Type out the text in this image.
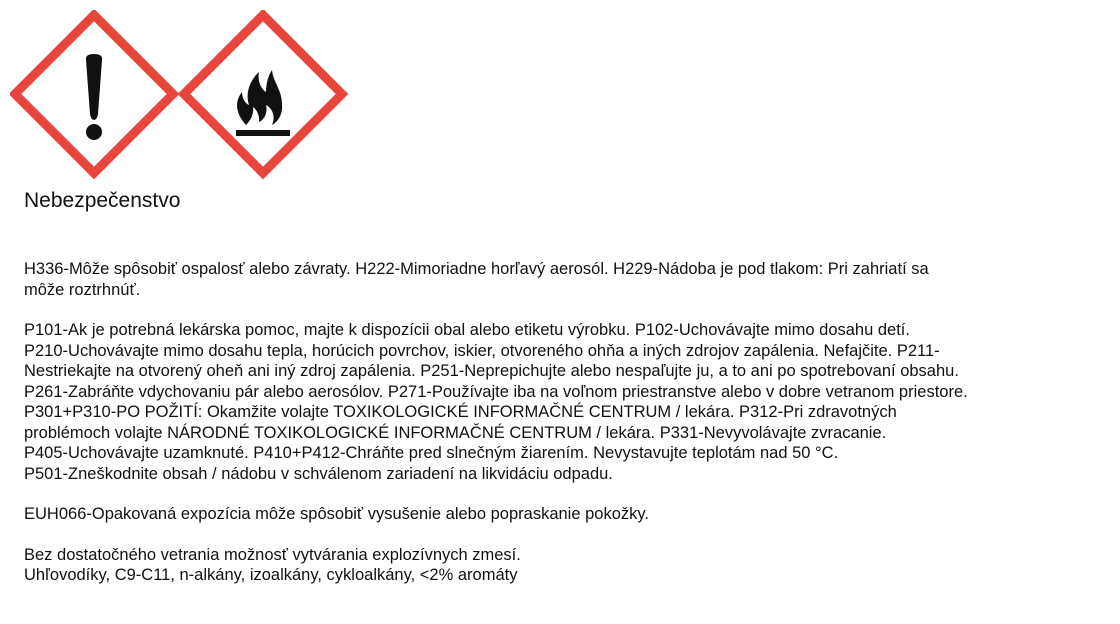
Nebezpečenstvo

H336-Môže spôsobiť ospalosť alebo závraty. H222-Mimoriadne horľavý aerosól. H229-Nádoba je pod tlakom: Pri zahriatí sa

môže roztrhnúť.

P101-Ak je potrebná lekárska pomoc, majte k dispozícii obal alebo etiketu výrobku. P102-Uchovávajte mimo dosahu detí.

P210-Uchovávajte mimo dosahu tepla, horúcich povrchov, iskier, otvoreného ohňa a iných zdrojov zapálenia. Nefajčite. P211-

Nestriekajte na otvorený oheň ani iný zdroj zapálenia. P251-Neprepichujte alebo nespaľujte ju, a to ani po spotrebovaní obsahu.

P261-Zabráňte vdychovaniu pár alebo aerosólov. P271-Používajte iba na voľnom priestranstve alebo v dobre vetranom priestore.

P301+P310-PO POŽITÍ: Okamžite volajte TOXIKOLOGICKÉ INFORMAČNÉ CENTRUM / lekára. P312-Pri zdravotných

problémoch volajte NÁRODNÉ TOXIKOLOGICKÉ INFORMAČNÉ CENTRUM / lekára. P331-Nevyvolávajte zvracanie.

P405-Uchovávajte uzamknuté. P410+P412-Chráňte pred slnečným žiarením. Nevystavujte teplotám nad 50 °C.

P501-Zneškodnite obsah / nádobu v schválenom zariadení na likvidáciu odpadu.

EUH066-Opakovaná expozícia môže spôsobiť vysušenie alebo popraskanie pokožky.

Bez dostatočného vetrania možnosť vytvárania explozívnych zmesí.

Uhľovodíky, C9-C11, n-alkány, izoalkány, cykloalkány, <2% aromáty
